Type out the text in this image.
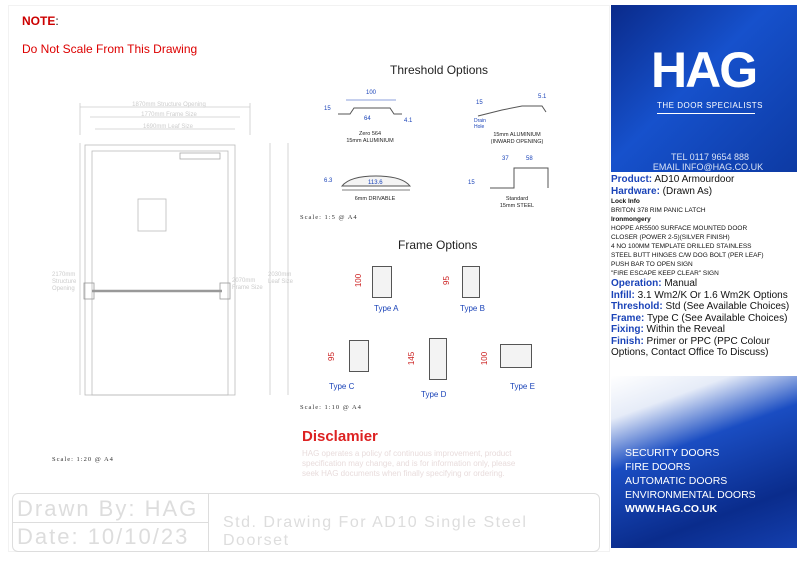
NOTE:
Do Not Scale From This Drawing
1870mm Structure Opening
1770mm Frame Size
1690mm Leaf Size
2170mm Structure Opening
2070mm Frame Size
2030mm Leaf Size
Scale: 1:20 @ A4
Threshold Options
100
15
64	4.1
Zero 564
15mm ALUMINIUM
15
5.1
Drain
Hole
15mm ALUMINIUM
(INWARD OPENING)
6.3	113.6
6mm DRIVABLE
37	58
15
Standard
15mm STEEL
Scale: 1:5 @ A4
Frame Options
100
Type A
95
Type B
95
Type C
145
Type D
100
Type E
Scale: 1:10 @ A4
Disclamier
HAG operates a policy of continuous improvement, product specification may change, and is for information only, please seek HAG documents when finally specifying or ordering.
Drawn By: HAG
Date: 10/10/23
Std. Drawing For AD10 Single Steel Doorset
HAG
THE DOOR SPECIALISTS
TEL 0117 9654 888
EMAIL INFO@HAG.CO.UK
Product: AD10 Armourdoor
Hardware: (Drawn As)
Lock Info
BRITON 378 RIM PANIC LATCH
Ironmongery
HOPPE AR5500 SURFACE MOUNTED DOOR
CLOSER (POWER 2-5)(SILVER FINISH)
4 NO 100MM TEMPLATE DRILLED STAINLESS
STEEL BUTT HINGES C/W DOG BOLT (PER LEAF)
PUSH BAR TO OPEN SIGN
"FIRE ESCAPE KEEP CLEAR" SIGN
Operation: Manual
Infill: 3.1 Wm2/K Or 1.6 Wm2K Options
Threshold: Std (See Available Choices)
Frame: Type C (See Available Choices)
Fixing: Within the Reveal
Finish: Primer or PPC (PPC Colour Options, Contact Office To Discuss)
SECURITY DOORS
FIRE DOORS
AUTOMATIC DOORS
ENVIRONMENTAL DOORS
WWW.HAG.CO.UK
